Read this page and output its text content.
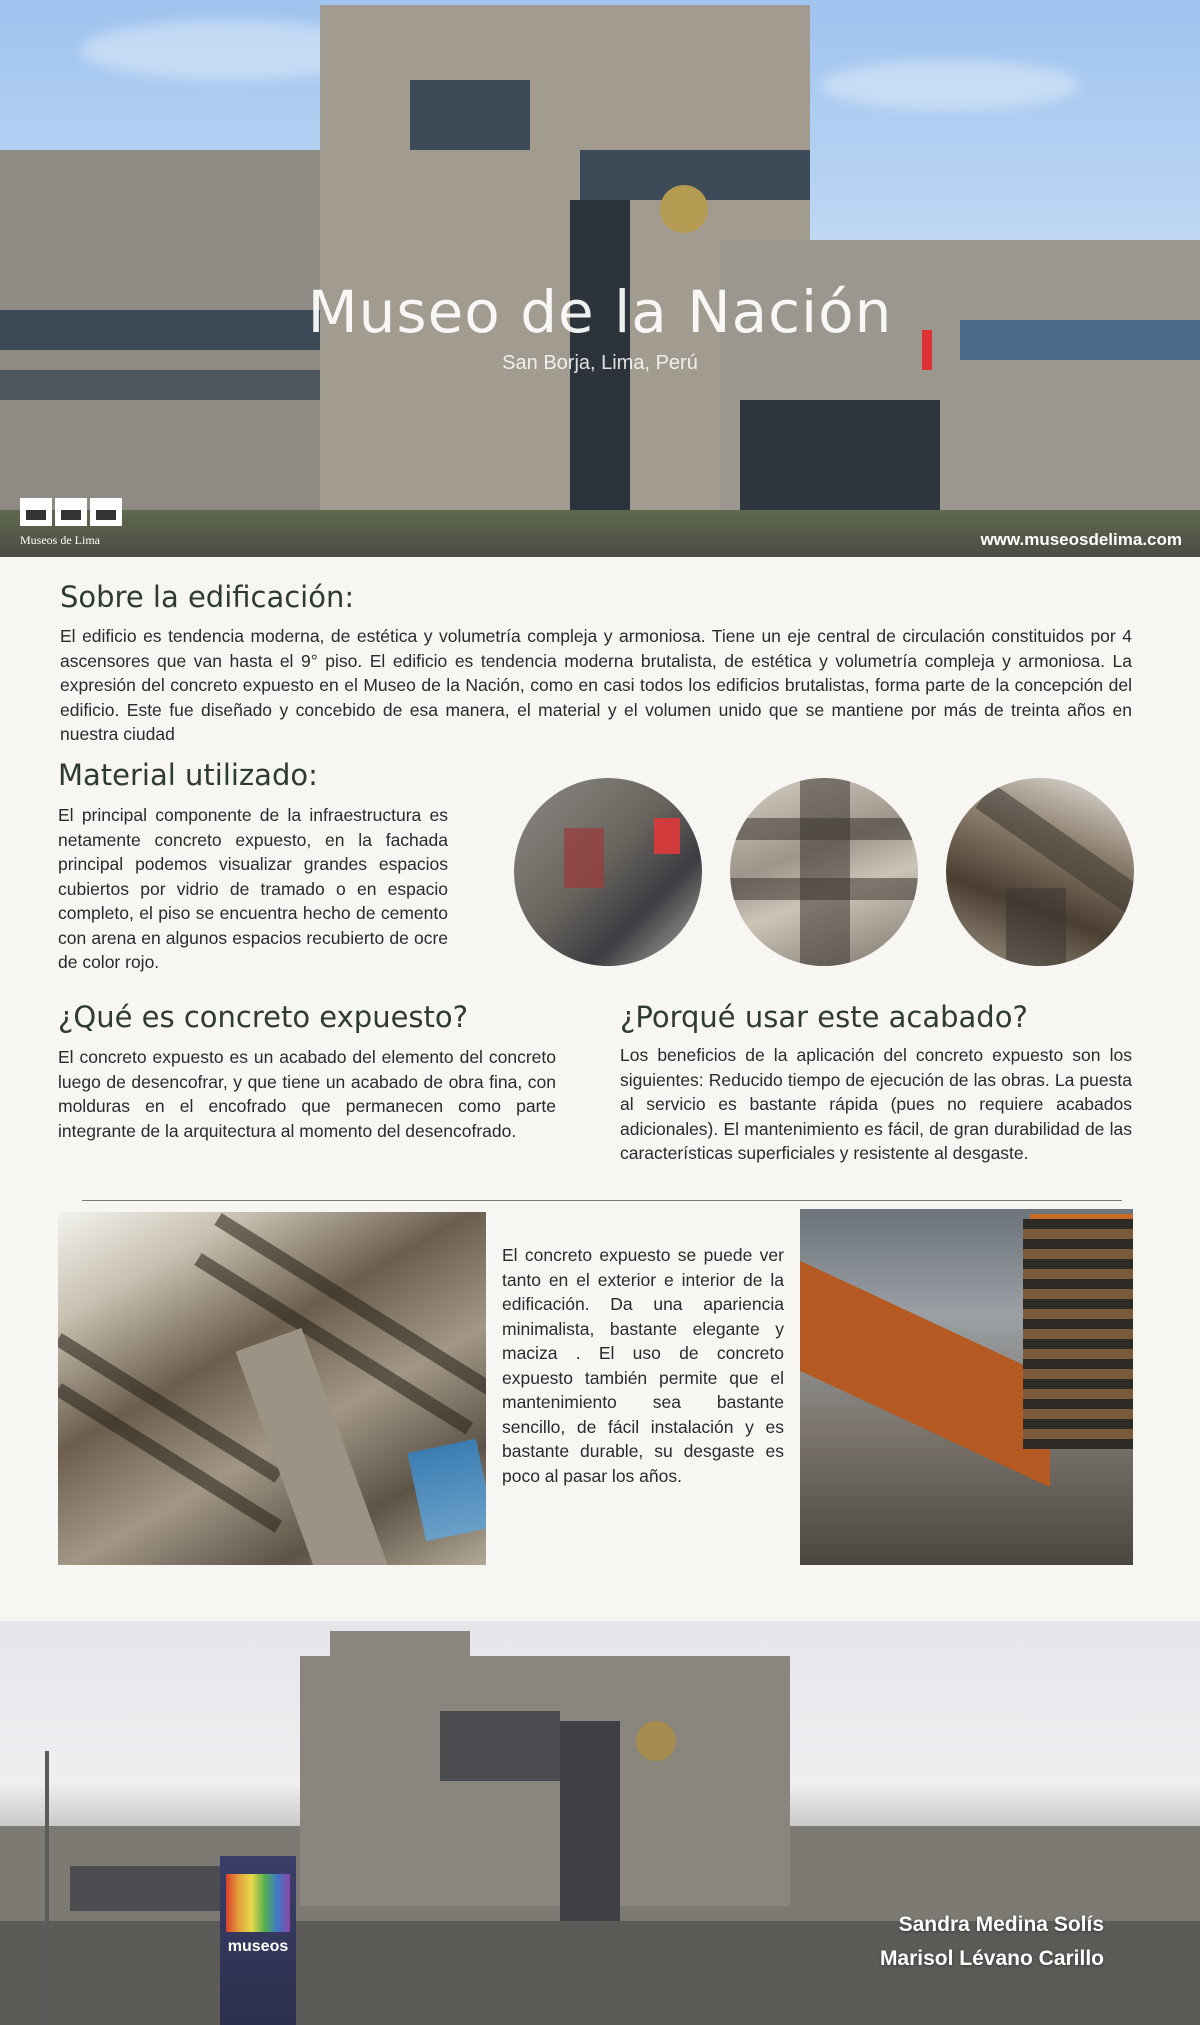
Museo de la Nación
San Borja, Lima, Perú
Museos de Lima	www.museosdelima.com
Sobre la edificación:

El edificio es tendencia moderna, de estética y volumetría compleja y armoniosa. Tiene un eje central de circulación constituidos por 4 ascensores que van hasta el 9° piso. El edificio es tendencia moderna brutalista, de estética y volumetría compleja y armoniosa. La expresión del concreto expuesto en el Museo de la Nación, como en casi todos los edificios brutalistas, forma parte de la concepción del edificio. Este fue diseñado y concebido de esa manera, el material y el volumen unido que se mantiene por más de treinta años en nuestra ciudad

Material utilizado:

El principal componente de la infraestructura es netamente concreto expuesto, en la fachada principal podemos visualizar grandes espacios cubiertos por vidrio de tramado o en espacio completo, el piso se encuentra hecho de cemento con arena en algunos espacios recubierto de ocre de color rojo.

¿Qué es concreto expuesto?

El concreto expuesto es un acabado del elemento del concreto luego de desencofrar, y que tiene un acabado de obra fina, con molduras en el encofrado que permanecen como parte integrante de la arquitectura al momento del desencofrado.

¿Porqué usar este acabado?

Los beneficios de la aplicación del concreto expuesto son los siguientes: Reducido tiempo de ejecución de las obras. La puesta al servicio es bastante rápida (pues no requiere acabados adicionales). El mantenimiento es fácil, de gran durabilidad de las características superficiales y resistente al desgaste.

El concreto expuesto se puede ver tanto en el exterior e interior de la edificación. Da una apariencia minimalista, bastante elegante y maciza . El uso de concreto expuesto también permite que el mantenimiento sea bastante sencillo, de fácil instalación y es bastante durable, su desgaste es poco al pasar los años.

museos
Sandra Medina Solís
Marisol Lévano Carillo
